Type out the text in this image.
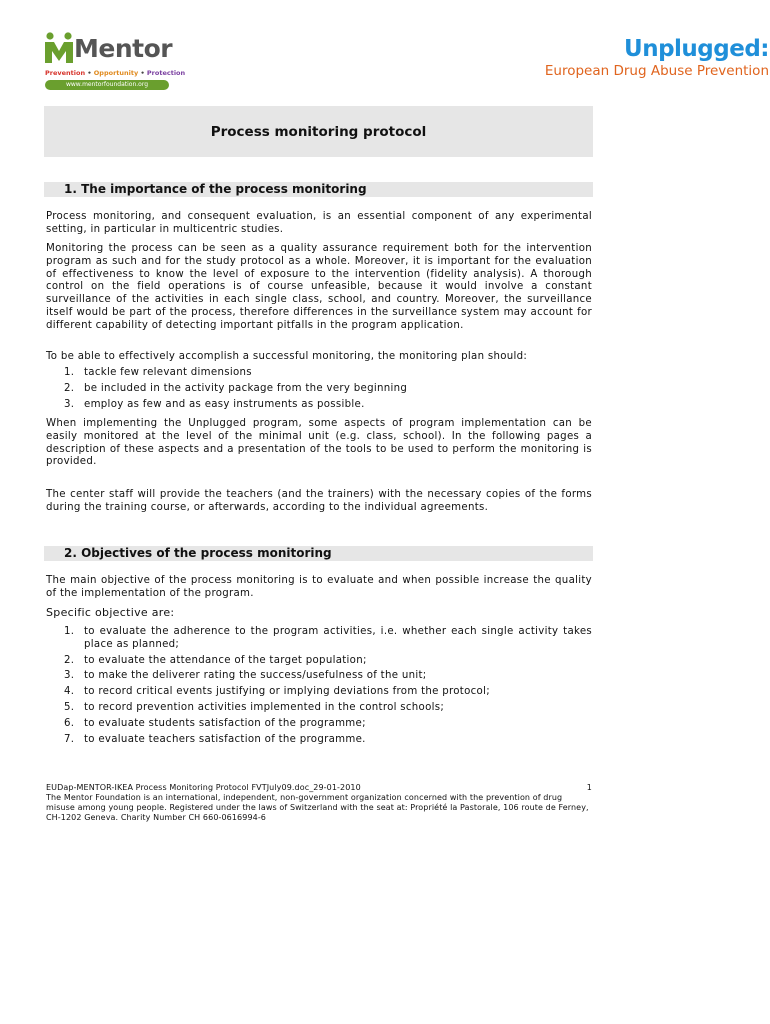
Mentor
Prevention • Opportunity • Protection
www.mentorfoundation.org
Unplugged:
European Drug Abuse Prevention
Process monitoring protocol
1. The importance of the process monitoring
Process monitoring, and consequent evaluation, is an essential component of any experimental setting, in particular in multicentric studies.
Monitoring the process can be seen as a quality assurance requirement both for the intervention program as such and for the study protocol as a whole. Moreover, it is important for the evaluation of effectiveness to know the level of exposure to the intervention (fidelity analysis). A thorough control on the field operations is of course unfeasible, because it would involve a constant surveillance of the activities in each single class, school, and country. Moreover, the surveillance itself would be part of the process, therefore differences in the surveillance system may account for different capability of detecting important pitfalls in the program application.
To be able to effectively accomplish a successful monitoring, the monitoring plan should:
1. tackle few relevant dimensions
2. be included in the activity package from the very beginning
3. employ as few and as easy instruments as possible.
When implementing the Unplugged program, some aspects of program implementation can be easily monitored at the level of the minimal unit (e.g. class, school). In the following pages a description of these aspects and a presentation of the tools to be used to perform the monitoring is provided.
The center staff will provide the teachers (and the trainers) with the necessary copies of the forms during the training course, or afterwards, according to the individual agreements.
2. Objectives of the process monitoring
The main objective of the process monitoring is to evaluate and when possible increase the quality of the implementation of the program.
Specific objective are:
1. to evaluate the adherence to the program activities, i.e. whether each single activity takes place as planned;
2. to evaluate the attendance of the target population;
3. to make the deliverer rating the success/usefulness of the unit;
4. to record critical events justifying or implying deviations from the protocol;
5. to record prevention activities implemented in the control schools;
6. to evaluate students satisfaction of the programme;
7. to evaluate teachers satisfaction of the programme.
EUDap-MENTOR-IKEA Process Monitoring Protocol FVTJuly09.doc_29-01-2010	1
The Mentor Foundation is an international, independent, non-government organization concerned with the prevention of drug misuse among young people. Registered under the laws of Switzerland with the seat at: Propriété la Pastorale, 106 route de Ferney, CH-1202 Geneva. Charity Number CH 660-0616994-6
